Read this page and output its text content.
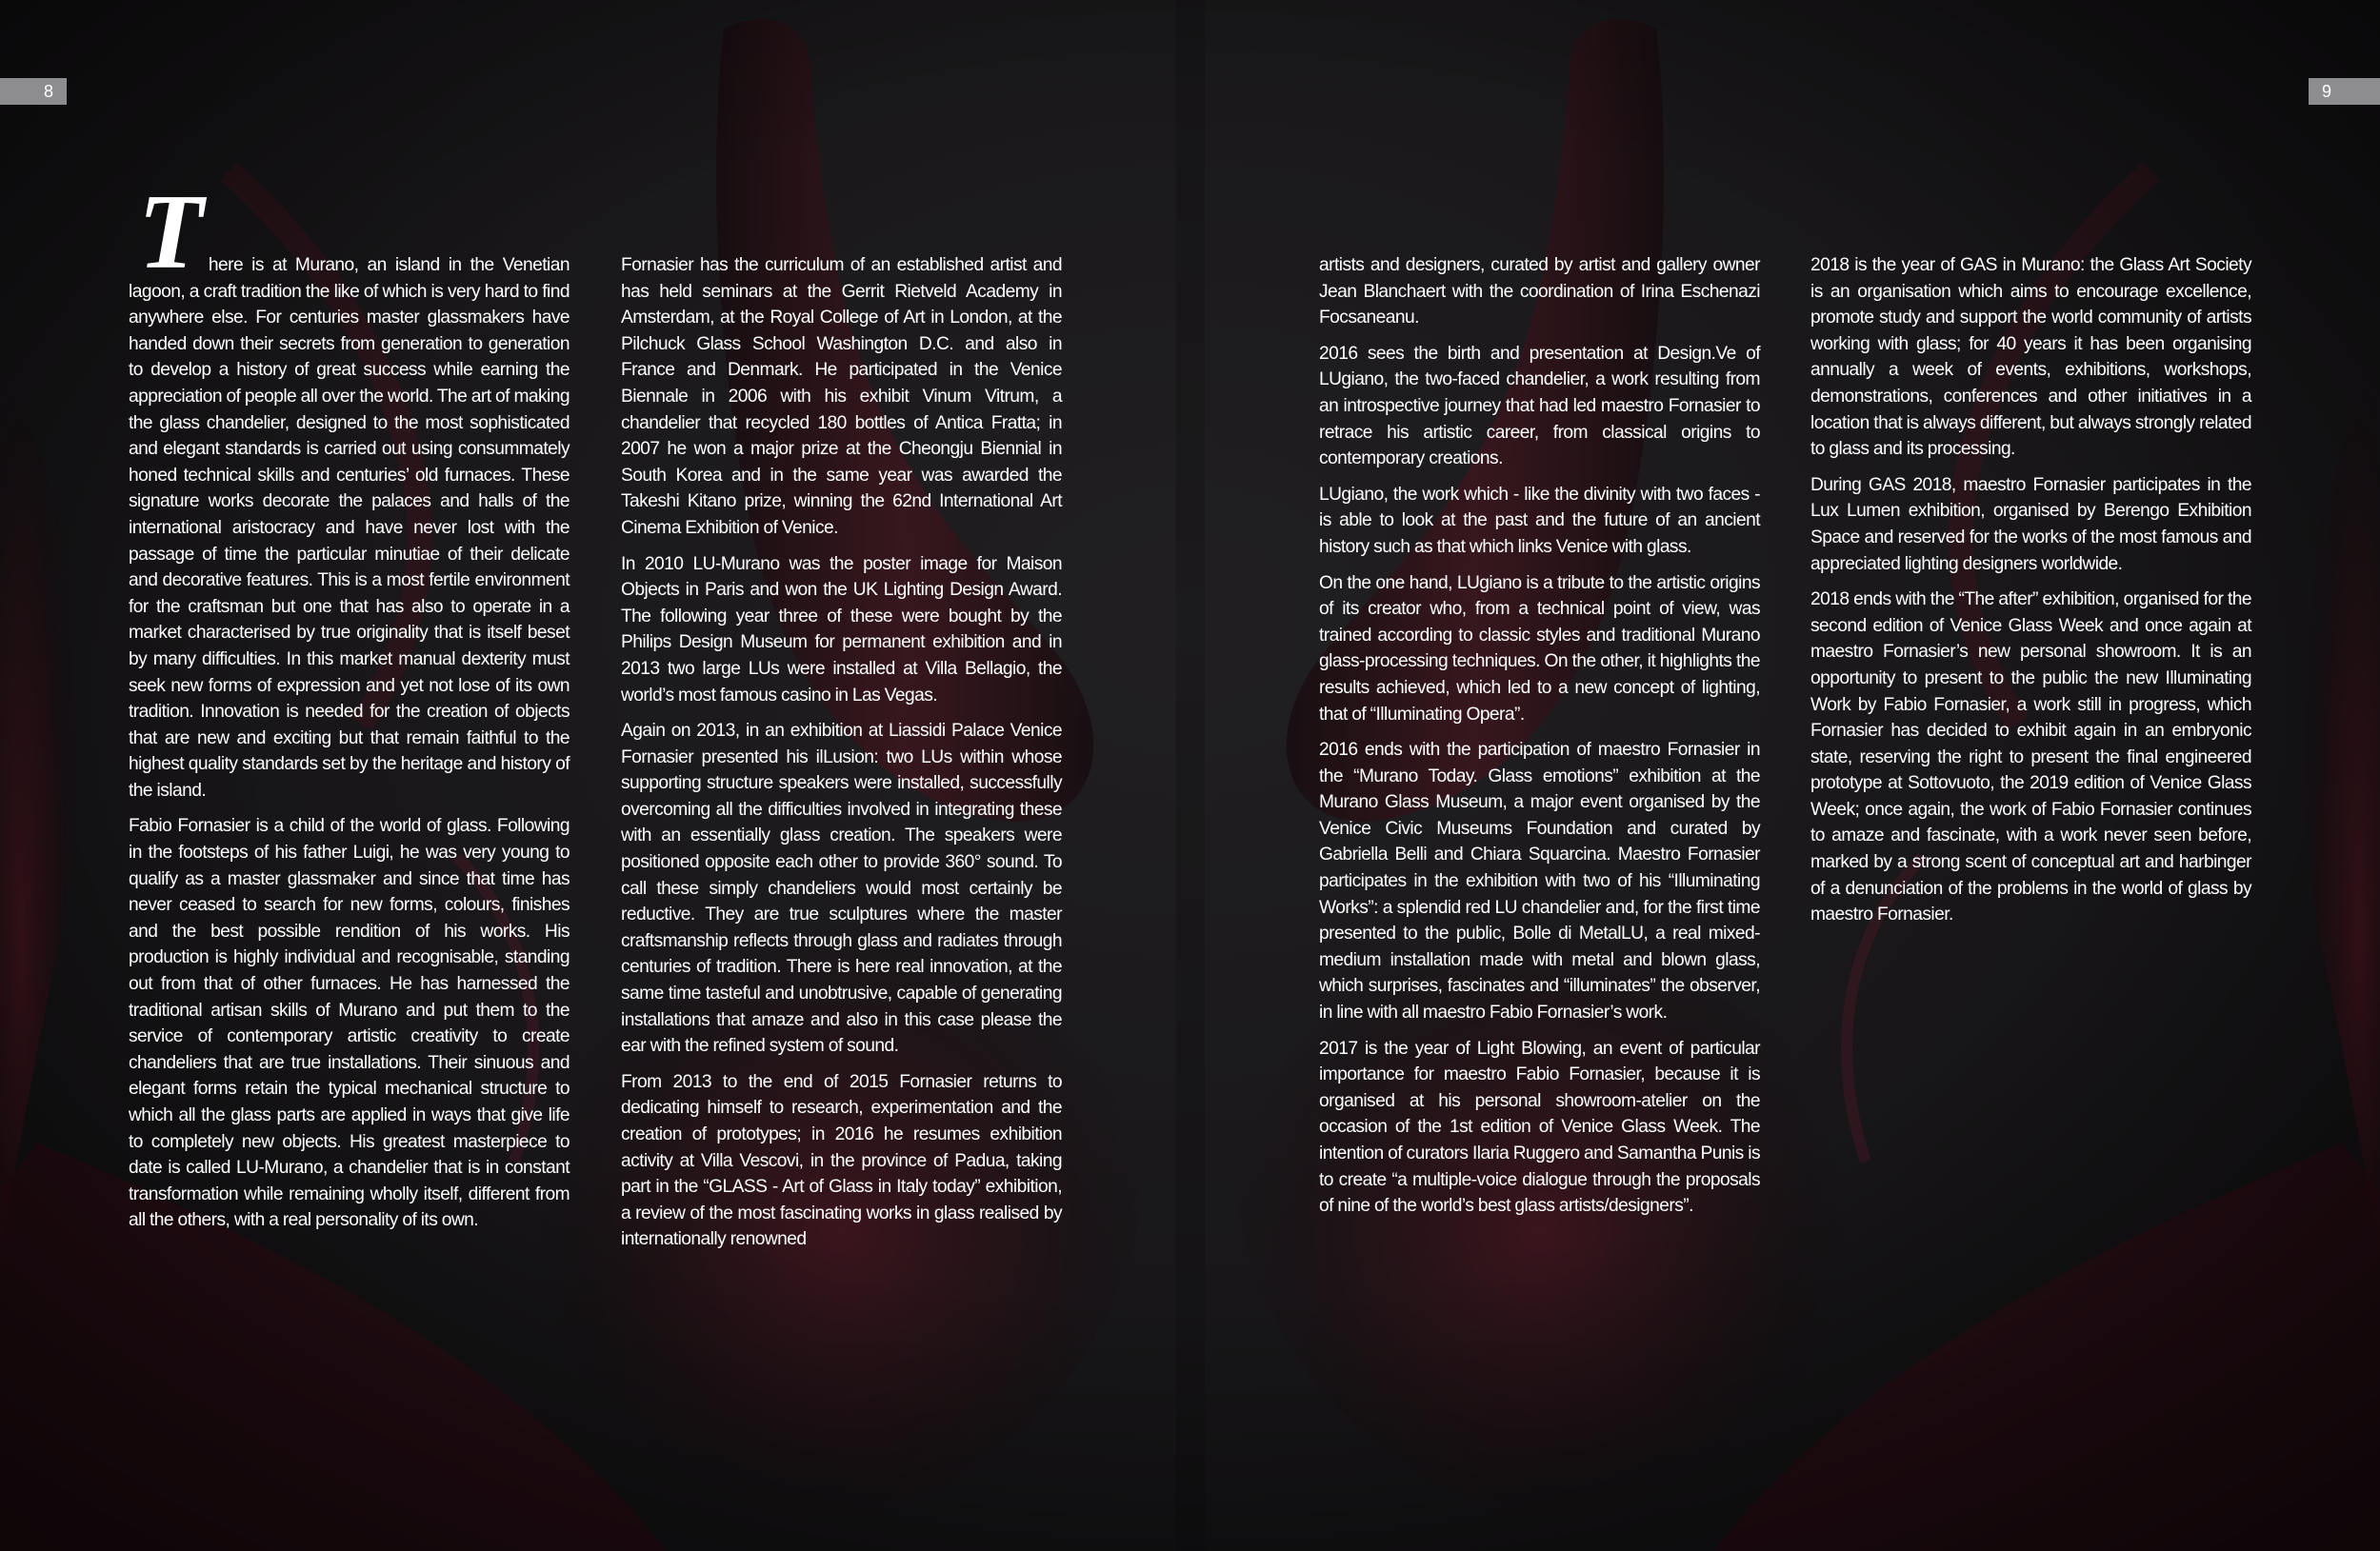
8	9

There is at Murano, an island in the Venetian lagoon, a craft tradition the like of which is very hard to find anywhere else. For centuries master glassmakers have handed down their secrets from generation to generation to develop a history of great success while earning the appreciation of people all over the world. The art of making the glass chandelier, designed to the most sophisticated and elegant standards is carried out using consummately honed technical skills and centuries’ old furnaces. These signature works decorate the palaces and halls of the international aristocracy and have never lost with the passage of time the particular minutiae of their delicate and decorative features. This is a most fertile environment for the craftsman but one that has also to operate in a market characterised by true originality that is itself beset by many difficulties. In this market manual dexterity must seek new forms of expression and yet not lose of its own tradition. Innovation is needed for the creation of objects that are new and exciting but that remain faithful to the highest quality standards set by the heritage and history of the island.

Fabio Fornasier is a child of the world of glass. Following in the footsteps of his father Luigi, he was very young to qualify as a master glassmaker and since that time has never ceased to search for new forms, colours, finishes and the best possible rendition of his works. His production is highly individual and recognisable, standing out from that of other furnaces. He has harnessed the traditional artisan skills of Murano and put them to the service of contemporary artistic creativity to create chandeliers that are true installations. Their sinuous and elegant forms retain the typical mechanical structure to which all the glass parts are applied in ways that give life to completely new objects. His greatest masterpiece to date is called LU-Murano, a chandelier that is in constant transformation while remaining wholly itself, different from all the others, with a real personality of its own.

Fornasier has the curriculum of an established artist and has held seminars at the Gerrit Rietveld Academy in Amsterdam, at the Royal College of Art in London, at the Pilchuck Glass School Washington D.C. and also in France and Denmark. He participated in the Venice Biennale in 2006 with his exhibit Vinum Vitrum, a chandelier that recycled 180 bottles of Antica Fratta; in 2007 he won a major prize at the Cheongju Biennial in South Korea and in the same year was awarded the Takeshi Kitano prize, winning the 62nd International Art Cinema Exhibition of Venice.

In 2010 LU-Murano was the poster image for Maison Objects in Paris and won the UK Lighting Design Award. The following year three of these were bought by the Philips Design Museum for permanent exhibition and in 2013 two large LUs were installed at Villa Bellagio, the world’s most famous casino in Las Vegas.

Again on 2013, in an exhibition at Liassidi Palace Venice Fornasier presented his ilLusion: two LUs within whose supporting structure speakers were installed, successfully overcoming all the difficulties involved in integrating these with an essentially glass creation. The speakers were positioned opposite each other to provide 360° sound. To call these simply chandeliers would most certainly be reductive. They are true sculptures where the master craftsmanship reflects through glass and radiates through centuries of tradition. There is here real innovation, at the same time tasteful and unobtrusive, capable of generating installations that amaze and also in this case please the ear with the refined system of sound.

From 2013 to the end of 2015 Fornasier returns to dedicating himself to research, experimentation and the creation of prototypes; in 2016 he resumes exhibition activity at Villa Vescovi, in the province of Padua, taking part in the “GLASS - Art of Glass in Italy today” exhibition, a review of the most fascinating works in glass realised by internationally renowned

artists and designers, curated by artist and gallery owner Jean Blanchaert with the coordination of Irina Eschenazi Focsaneanu.

2016 sees the birth and presentation at Design.Ve of LUgiano, the two-faced chandelier, a work resulting from an introspective journey that had led maestro Fornasier to retrace his artistic career, from classical origins to contemporary creations.

LUgiano, the work which - like the divinity with two faces - is able to look at the past and the future of an ancient history such as that which links Venice with glass.

On the one hand, LUgiano is a tribute to the artistic origins of its creator who, from a technical point of view, was trained according to classic styles and traditional Murano glass-processing techniques. On the other, it highlights the results achieved, which led to a new concept of lighting, that of “Illuminating Opera”.

2016 ends with the participation of maestro Fornasier in the “Murano Today. Glass emotions” exhibition at the Murano Glass Museum, a major event organised by the Venice Civic Museums Foundation and curated by Gabriella Belli and Chiara Squarcina. Maestro Fornasier participates in the exhibition with two of his “Illuminating Works”: a splendid red LU chandelier and, for the first time presented to the public, Bolle di MetalLU, a real mixed-medium installation made with metal and blown glass, which surprises, fascinates and “illuminates” the observer, in line with all maestro Fabio Fornasier’s work.

2017 is the year of Light Blowing, an event of particular importance for maestro Fabio Fornasier, because it is organised at his personal showroom-atelier on the occasion of the 1st edition of Venice Glass Week. The intention of curators Ilaria Ruggero and Samantha Punis is to create “a multiple-voice dialogue through the proposals of nine of the world’s best glass artists/designers”.

2018 is the year of GAS in Murano: the Glass Art Society is an organisation which aims to encourage excellence, promote study and support the world community of artists working with glass; for 40 years it has been organising annually a week of events, exhibitions, workshops, demonstrations, conferences and other initiatives in a location that is always different, but always strongly related to glass and its processing.

During GAS 2018, maestro Fornasier participates in the Lux Lumen exhibition, organised by Berengo Exhibition Space and reserved for the works of the most famous and appreciated lighting designers worldwide.

2018 ends with the “The after” exhibition, organised for the second edition of Venice Glass Week and once again at maestro Fornasier’s new personal showroom. It is an opportunity to present to the public the new Illuminating Work by Fabio Fornasier, a work still in progress, which Fornasier has decided to exhibit again in an embryonic state, reserving the right to present the final engineered prototype at Sottovuoto, the 2019 edition of Venice Glass Week; once again, the work of Fabio Fornasier continues to amaze and fascinate, with a work never seen before, marked by a strong scent of conceptual art and harbinger of a denunciation of the problems in the world of glass by maestro Fornasier.
